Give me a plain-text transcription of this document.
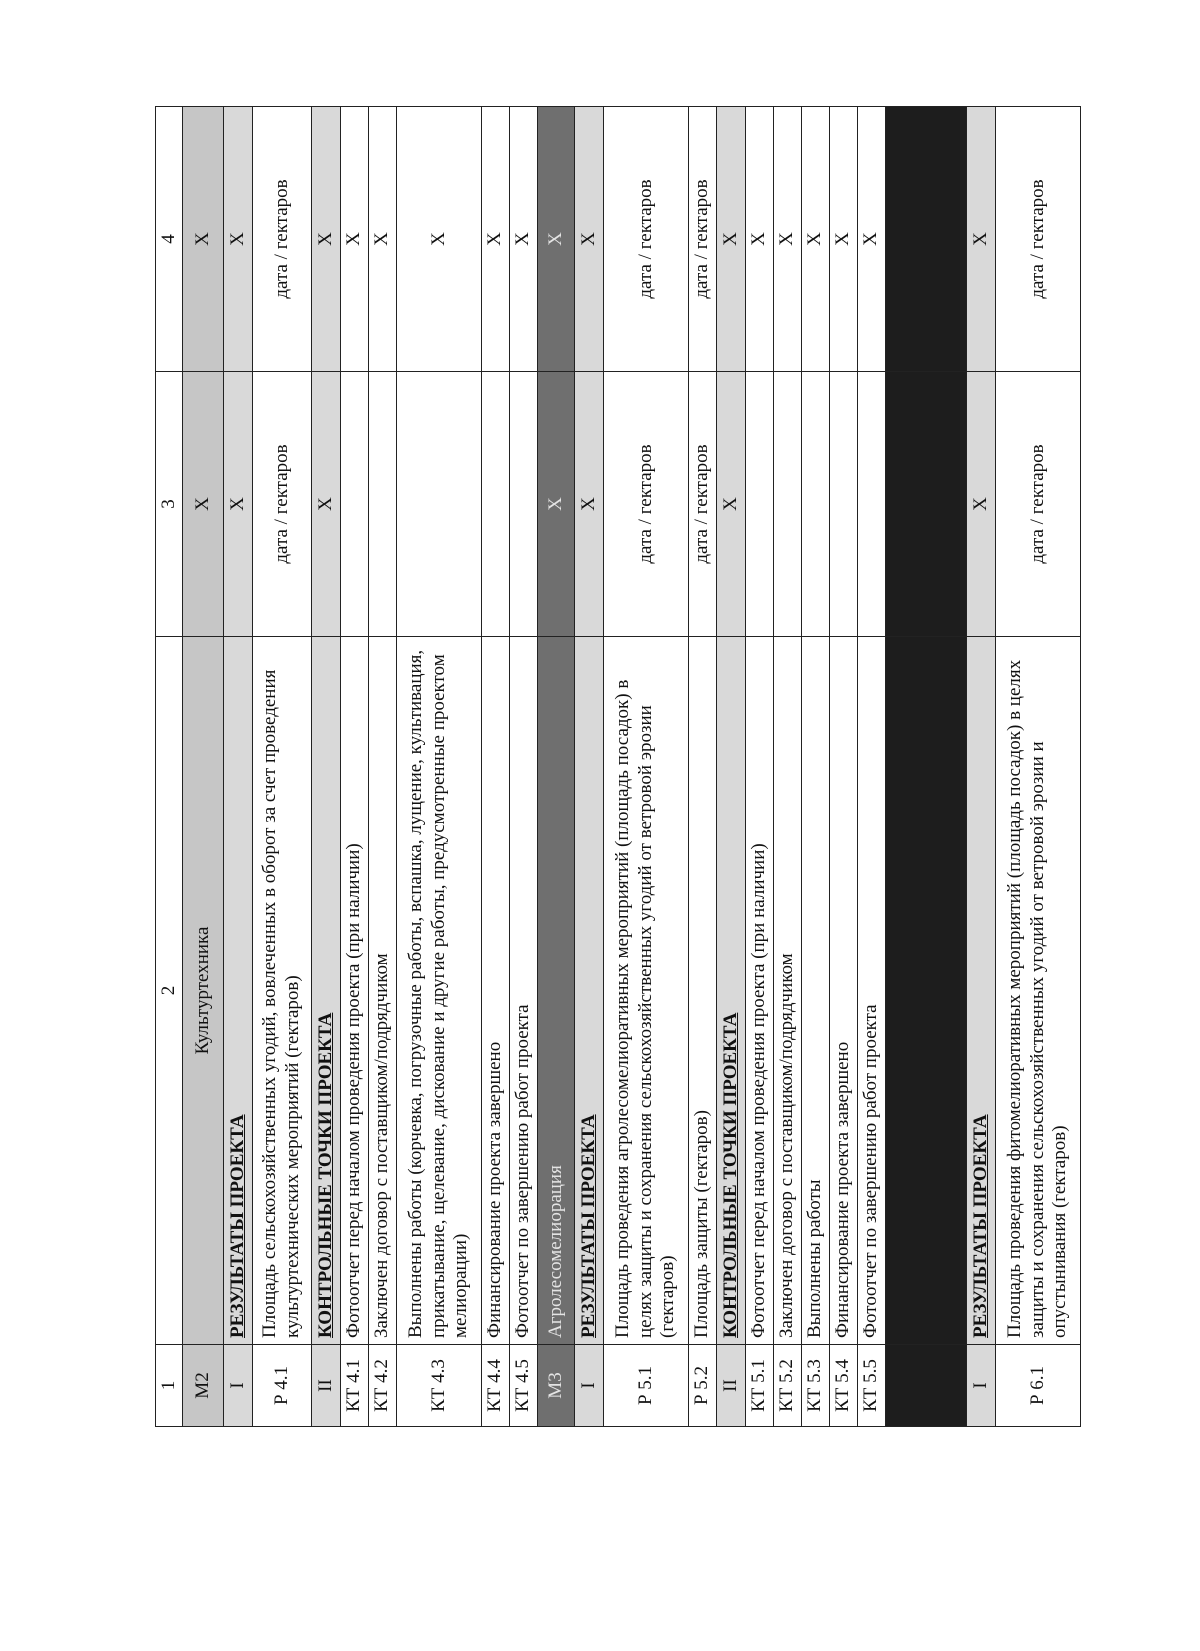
1	2	3	4
М2	Культуртехника	Х	Х
I	РЕЗУЛЬТАТЫ ПРОЕКТА	Х	Х
Р 4.1	Площадь сельскохозяйственных угодий, вовлеченных в оборот за счет проведения культуртехнических мероприятий (гектаров)	дата / гектаров	дата / гектаров
II	КОНТРОЛЬНЫЕ ТОЧКИ ПРОЕКТА	Х	Х
КТ 4.1	Фотоотчет перед началом проведения проекта (при наличии)		Х
КТ 4.2	Заключен договор с поставщиком/подрядчиком		Х
КТ 4.3	Выполнены работы (корчевка, погрузочные работы, вспашка, лущение, культивация, прикатывание, щелевание, дискование и другие работы, предусмотренные проектом мелиорации)		Х
КТ 4.4	Финансирование проекта завершено		Х
КТ 4.5	Фотоотчет по завершению работ проекта		Х
М3	Агролесомелиорация	Х	Х
I	РЕЗУЛЬТАТЫ ПРОЕКТА	Х	Х
Р 5.1	Площадь проведения агролесомелиоративных мероприятий (площадь посадок) в целях защиты и сохранения сельскохозяйственных угодий от ветровой эрозии (гектаров)	дата / гектаров	дата / гектаров
Р 5.2	Площадь защиты (гектаров)	дата / гектаров	дата / гектаров
II	КОНТРОЛЬНЫЕ ТОЧКИ ПРОЕКТА	Х	Х
КТ 5.1	Фотоотчет перед началом проведения проекта (при наличии)		Х
КТ 5.2	Заключен договор с поставщиком/подрядчиком		Х
КТ 5.3	Выполнены работы		Х
КТ 5.4	Финансирование проекта завершено		Х
КТ 5.5	Фотоотчет по завершению работ проекта		Х

I	РЕЗУЛЬТАТЫ ПРОЕКТА	Х	Х
Р 6.1	Площадь проведения фитомелиоративных мероприятий (площадь посадок) в целях защиты и сохранения сельскохозяйственных угодий от ветровой эрозии и опустынивания (гектаров)	дата / гектаров	дата / гектаров
